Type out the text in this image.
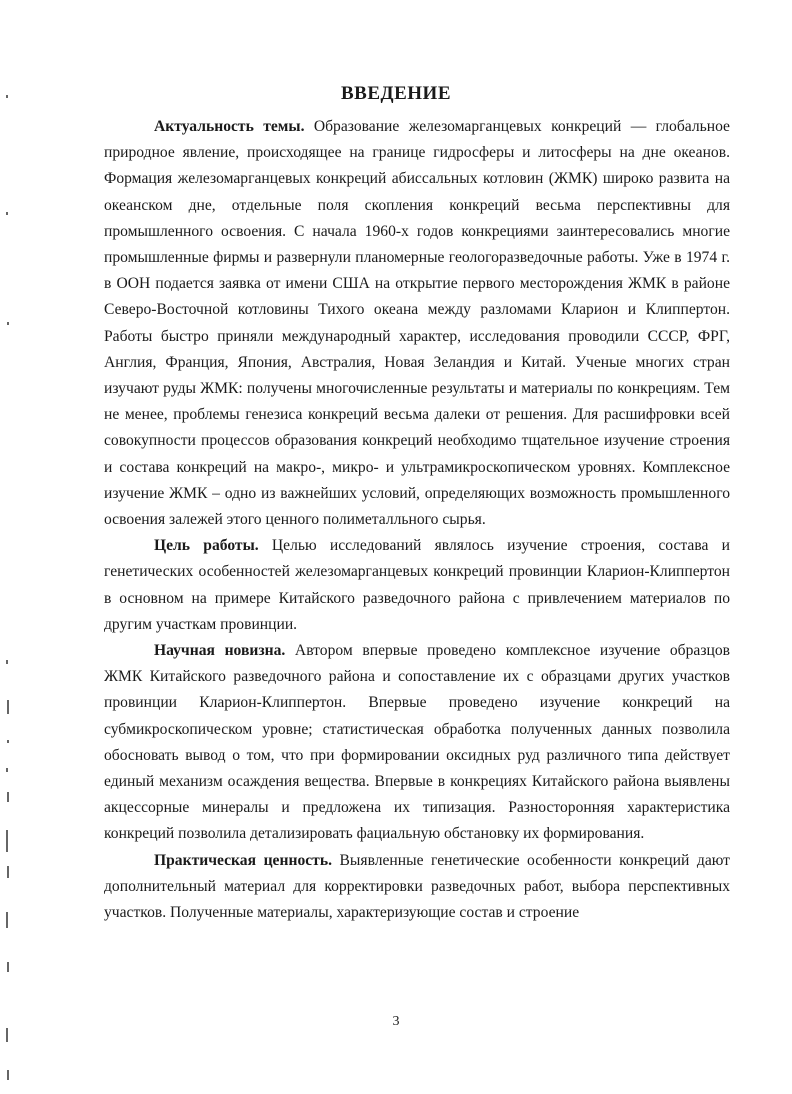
ВВЕДЕНИЕ

Актуальность темы. Образование железомарганцевых конкреций — глобальное природное явление, происходящее на границе гидросферы и литосферы на дне океанов. Формация железомарганцевых конкреций абиссальных котловин (ЖМК) широко развита на океанском дне, отдельные поля скопления конкреций весьма перспективны для промышленного освоения. С начала 1960-х годов конкрециями заинтересовались многие промышленные фирмы и развернули планомерные геологоразведочные работы. Уже в 1974 г. в ООН подается заявка от имени США на открытие первого месторождения ЖМК в районе Северо-Восточной котловины Тихого океана между разломами Кларион и Клиппертон. Работы быстро приняли международный характер, исследования проводили СССР, ФРГ, Англия, Франция, Япония, Австралия, Новая Зеландия и Китай. Ученые многих стран изучают руды ЖМК: получены многочисленные результаты и материалы по конкрециям. Тем не менее, проблемы генезиса конкреций весьма далеки от решения. Для расшифровки всей совокупности процессов образования конкреций необходимо тщательное изучение строения и состава конкреций на макро-, микро- и ультрамикроскопическом уровнях. Комплексное изучение ЖМК – одно из важнейших условий, определяющих возможность промышленного освоения залежей этого ценного полиметалльного сырья.

Цель работы. Целью исследований являлось изучение строения, состава и генетических особенностей железомарганцевых конкреций провинции Кларион-Клиппертон в основном на примере Китайского разведочного района с привлечением материалов по другим участкам провинции.

Научная новизна. Автором впервые проведено комплексное изучение образцов ЖМК Китайского разведочного района и сопоставление их с образцами других участков провинции Кларион-Клиппертон. Впервые проведено изучение конкреций на субмикроскопическом уровне; статистическая обработка полученных данных позволила обосновать вывод о том, что при формировании оксидных руд различного типа действует единый механизм осаждения вещества. Впервые в конкрециях Китайского района выявлены акцессорные минералы и предложена их типизация. Разносторонняя характеристика конкреций позволила детализировать фациальную обстановку их формирования.

Практическая ценность. Выявленные генетические особенности конкреций дают дополнительный материал для корректировки разведочных работ, выбора перспективных участков. Полученные материалы, характеризующие состав и строение

3
